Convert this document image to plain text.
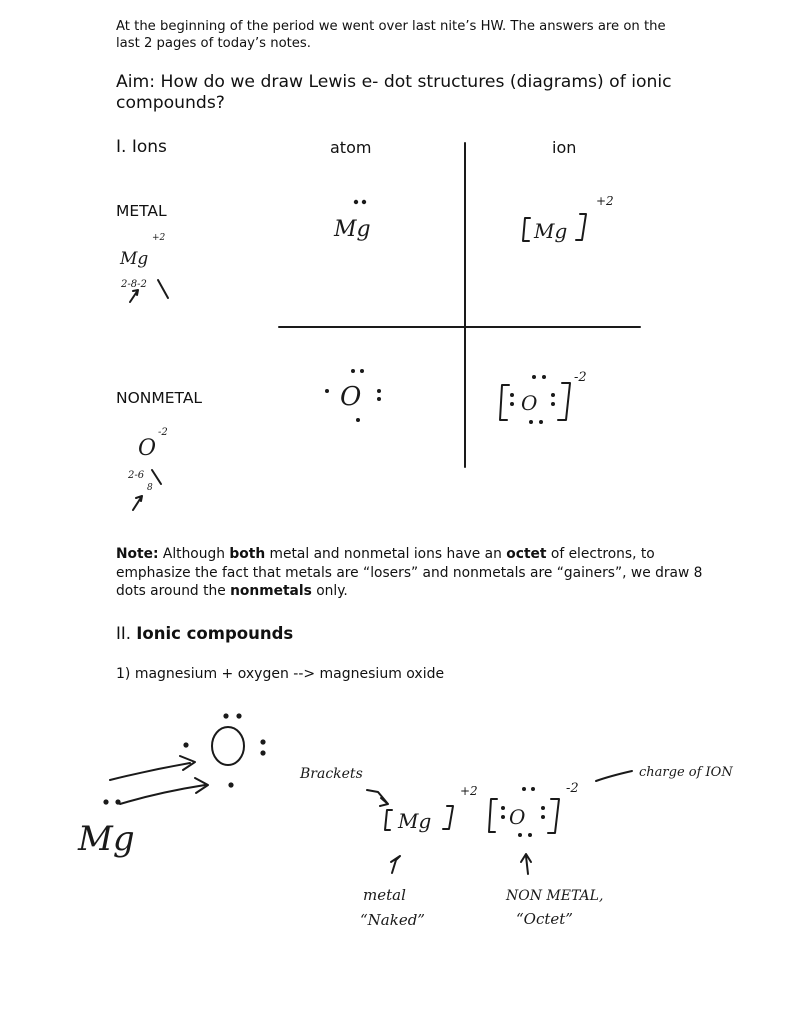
At the beginning of the period we went over last nite’s HW. The answers are on the last 2 pages of today’s notes.
Aim: How do we draw Lewis e- dot structures (diagrams) of ionic compounds?
I. Ions	atom	ion
METAL
NONMETAL
Note: Although both metal and nonmetal ions have an octet of electrons, to emphasize the fact that metals are “losers” and nonmetals are “gainers”, we draw 8 dots around the nonmetals only.
II. Ionic compounds
1) magnesium + oxygen --> magnesium oxide
Mg	Mg
+2
Mg
+2
2-8-2
O	O
-2
O
-2
2-6
8
Mg	Mg
+2
O
-2
Brackets	charge of ION
metal
“Naked”
NON METAL,
“Octet”
